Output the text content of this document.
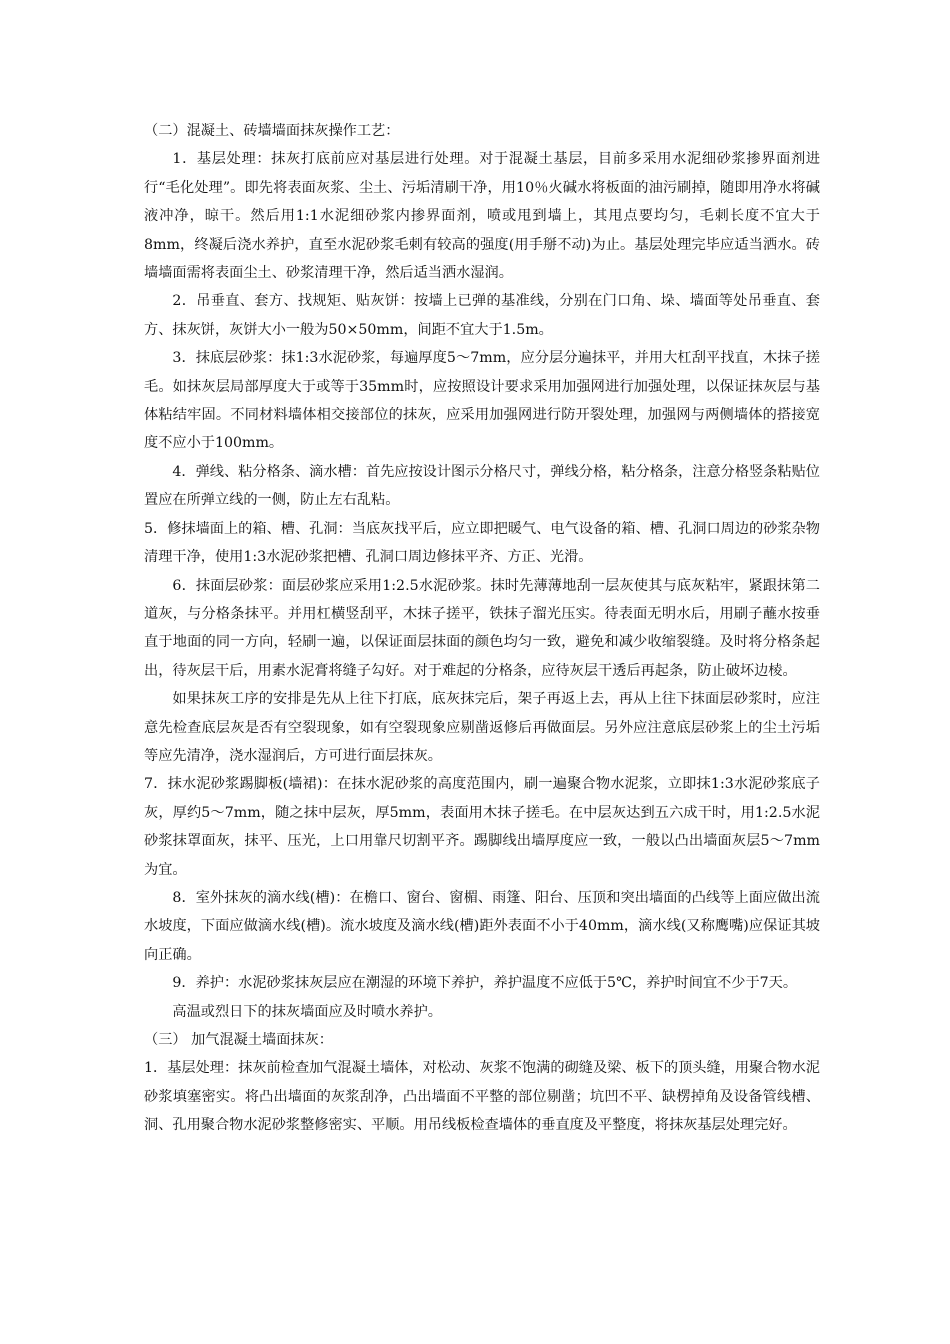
（二）混凝土、砖墙墙面抹灰操作工艺：

1．基层处理：抹灰打底前应对基层进行处理。对于混凝土基层，目前多采用水泥细砂浆掺界面剂进行“毛化处理”。即先将表面灰浆、尘土、污垢清刷干净，用10％火碱水将板面的油污刷掉，随即用净水将碱液冲净，晾干。然后用1:1水泥细砂浆内掺界面剂，喷或甩到墙上，其甩点要均匀，毛刺长度不宜大于8mm，终凝后浇水养护，直至水泥砂浆毛刺有较高的强度(用手掰不动)为止。基层处理完毕应适当洒水。砖墙墙面需将表面尘土、砂浆清理干净，然后适当洒水湿润。

2．吊垂直、套方、找规矩、贴灰饼：按墙上已弹的基准线，分别在门口角、垛、墙面等处吊垂直、套方、抹灰饼，灰饼大小一般为50×50mm，间距不宜大于1.5m。

3．抹底层砂浆：抹1:3水泥砂浆，每遍厚度5～7mm，应分层分遍抹平，并用大杠刮平找直，木抹子搓毛。如抹灰层局部厚度大于或等于35mm时，应按照设计要求采用加强网进行加强处理，以保证抹灰层与基体粘结牢固。不同材料墙体相交接部位的抹灰，应采用加强网进行防开裂处理，加强网与两侧墙体的搭接宽度不应小于100mm。

4．弹线、粘分格条、滴水槽：首先应按设计图示分格尺寸，弹线分格，粘分格条，注意分格竖条粘贴位置应在所弹立线的一侧，防止左右乱粘。

5．修抹墙面上的箱、槽、孔洞：当底灰找平后，应立即把暖气、电气设备的箱、槽、孔洞口周边的砂浆杂物清理干净，使用1:3水泥砂浆把槽、孔洞口周边修抹平齐、方正、光滑。

6．抹面层砂浆：面层砂浆应采用1:2.5水泥砂浆。抹时先薄薄地刮一层灰使其与底灰粘牢，紧跟抹第二道灰，与分格条抹平。并用杠横竖刮平，木抹子搓平，铁抹子溜光压实。待表面无明水后，用刷子蘸水按垂直于地面的同一方向，轻刷一遍，以保证面层抹面的颜色均匀一致，避免和减少收缩裂缝。及时将分格条起出，待灰层干后，用素水泥膏将缝子勾好。对于难起的分格条，应待灰层干透后再起条，防止破坏边棱。

如果抹灰工序的安排是先从上往下打底，底灰抹完后，架子再返上去，再从上往下抹面层砂浆时，应注意先检查底层灰是否有空裂现象，如有空裂现象应剔凿返修后再做面层。另外应注意底层砂浆上的尘土污垢等应先清净，浇水湿润后，方可进行面层抹灰。

7．抹水泥砂浆踢脚板(墙裙)：在抹水泥砂浆的高度范围内，刷一遍聚合物水泥浆，立即抹1:3水泥砂浆底子灰，厚约5～7mm，随之抹中层灰，厚5mm，表面用木抹子搓毛。在中层灰达到五六成干时，用1:2.5水泥砂浆抹罩面灰，抹平、压光，上口用靠尺切割平齐。踢脚线出墙厚度应一致，一般以凸出墙面灰层5～7mm为宜。

8．室外抹灰的滴水线(槽)：在檐口、窗台、窗楣、雨篷、阳台、压顶和突出墙面的凸线等上面应做出流水坡度，下面应做滴水线(槽)。流水坡度及滴水线(槽)距外表面不小于40mm，滴水线(又称鹰嘴)应保证其坡向正确。

9．养护：水泥砂浆抹灰层应在潮湿的环境下养护，养护温度不应低于5℃，养护时间宜不少于7天。

高温或烈日下的抹灰墙面应及时喷水养护。

（三） 加气混凝土墙面抹灰：

1．基层处理：抹灰前检查加气混凝土墙体，对松动、灰浆不饱满的砌缝及梁、板下的顶头缝，用聚合物水泥砂浆填塞密实。将凸出墙面的灰浆刮净，凸出墙面不平整的部位剔凿；坑凹不平、缺楞掉角及设备管线槽、洞、孔用聚合物水泥砂浆整修密实、平顺。用吊线板检查墙体的垂直度及平整度，将抹灰基层处理完好。
